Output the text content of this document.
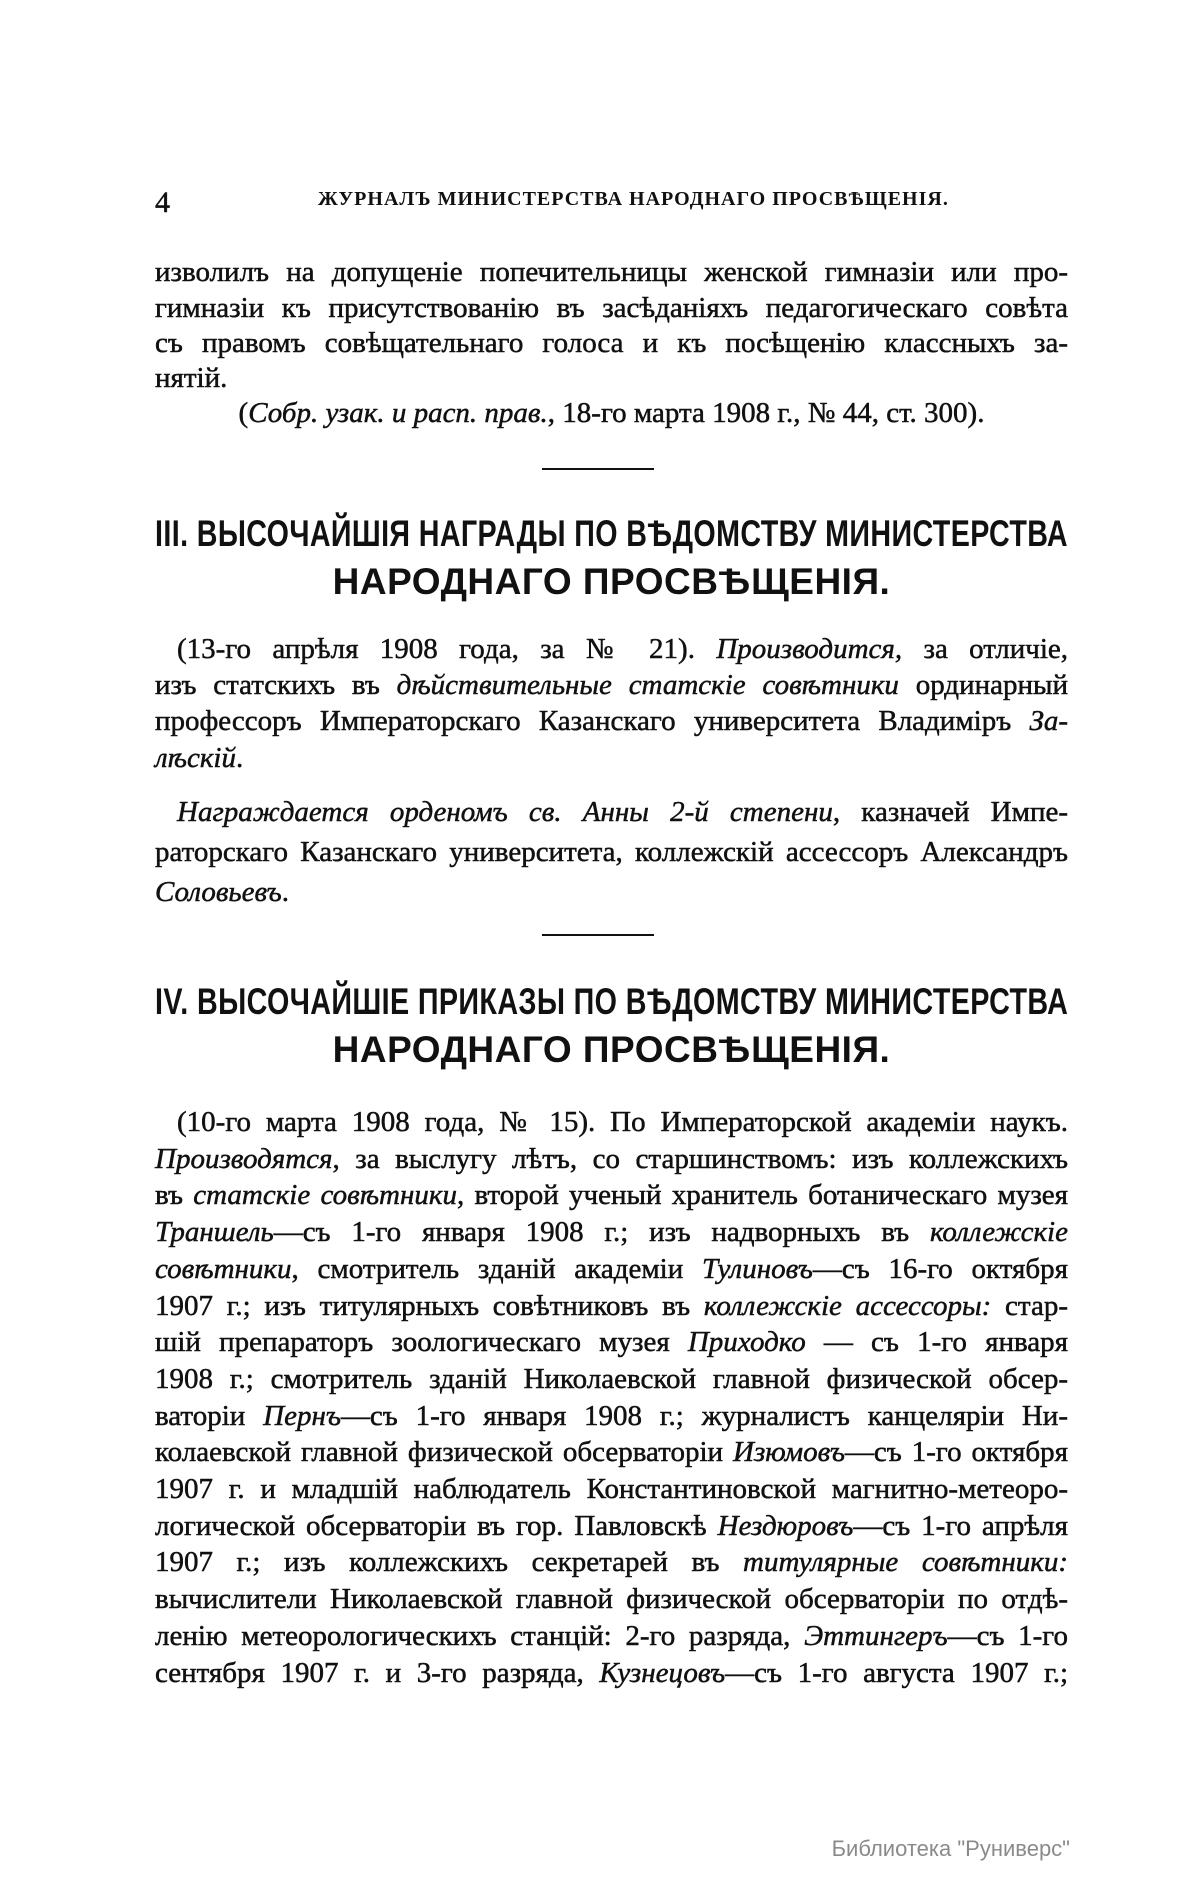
4	ЖУРНАЛЪ МИНИСТЕРСТВА НАРОДНАГО ПРОСВѢЩЕНІЯ.
III. ВЫСОЧАЙШІЯ НАГРАДЫ ПО ВѢДОМСТВУ МИНИСТЕРСТВА
НАРОДНАГО ПРОСВѢЩЕНІЯ.
IV. ВЫСОЧАЙШІЕ ПРИКАЗЫ ПО ВѢДОМСТВУ МИНИСТЕРСТВА
НАРОДНАГО ПРОСВѢЩЕНІЯ.
Библиотека "Руниверс"
изволилъ на допущеніе попечительницы женской гимназіи или про-
гимназіи къ присутствованію въ засѣданіяхъ педагогическаго совѣта
съ правомъ совѣщательнаго голоса и къ посѣщенію классныхъ за-
нятій.
(Собр. узак. и расп. прав., 18-го марта 1908 г., № 44, ст. 300).
(13-го апрѣля 1908 года, за № 21). Производится, за отличіе,
изъ статскихъ въ дѣйствительные статскіе совѣтники ординарный
профессоръ Императорскаго Казанскаго университета Владиміръ За-
лѣскій.
Награждается орденомъ св. Анны 2-й степени, казначей Импе-
раторскаго Казанскаго университета, коллежскій ассессоръ Александръ
Соловьевъ.
(10-го марта 1908 года, № 15). По Императорской академіи наукъ.
Производятся, за выслугу лѣтъ, со старшинствомъ: изъ коллежскихъ
въ статскіе совѣтники, второй ученый хранитель ботаническаго музея
Траншель—съ 1-го января 1908 г.; изъ надворныхъ въ коллежскіе
совѣтники, смотритель зданій академіи Тулиновъ—съ 16-го октября
1907 г.; изъ титулярныхъ совѣтниковъ въ коллежскіе ассессоры: стар-
шій препараторъ зоологическаго музея Приходко — съ 1-го января
1908 г.; смотритель зданій Николаевской главной физической обсер-
ваторіи Пернъ—съ 1-го января 1908 г.; журналистъ канцеляріи Ни-
колаевской главной физической обсерваторіи Изюмовъ—съ 1-го октября
1907 г. и младшій наблюдатель Константиновской магнитно-метеоро-
логической обсерваторіи въ гор. Павловскѣ Нездюровъ—съ 1-го апрѣля
1907 г.; изъ коллежскихъ секретарей въ титулярные совѣтники:
вычислители Николаевской главной физической обсерваторіи по отдѣ-
ленію метеорологическихъ станцій: 2-го разряда, Эттингеръ—съ 1-го
сентября 1907 г. и 3-го разряда, Кузнецовъ—съ 1-го августа 1907 г.;
